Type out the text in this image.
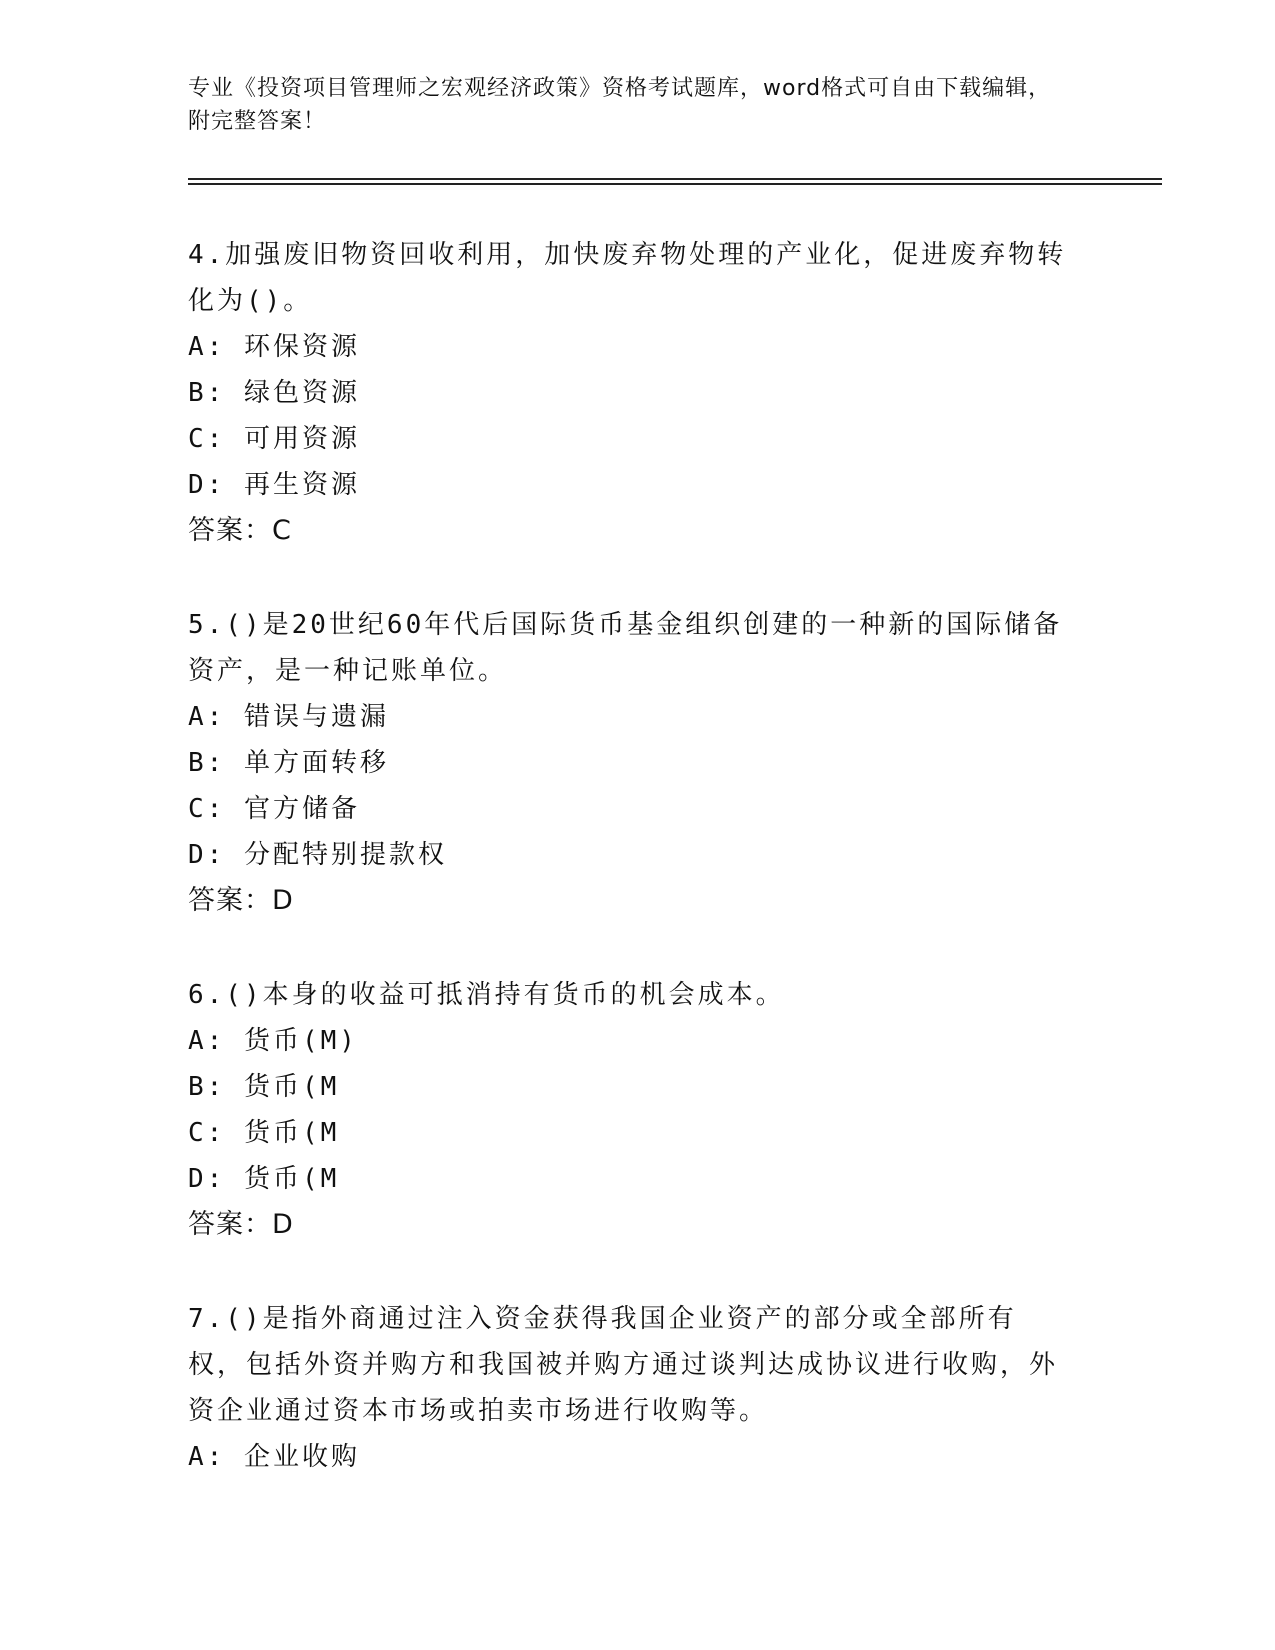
专业《投资项目管理师之宏观经济政策》资格考试题库，word格式可自由下载编辑，附完整答案！
4.加强废旧物资回收利用，加快废弃物处理的产业化，促进废弃物转化为()。
A: 环保资源
B: 绿色资源
C: 可用资源
D: 再生资源
答案：C
5.()是20世纪60年代后国际货币基金组织创建的一种新的国际储备资产，是一种记账单位。
A: 错误与遗漏
B: 单方面转移
C: 官方储备
D: 分配特别提款权
答案：D
6.()本身的收益可抵消持有货币的机会成本。
A: 货币(M)
B: 货币(M
C: 货币(M
D: 货币(M
答案：D
7.()是指外商通过注入资金获得我国企业资产的部分或全部所有权，包括外资并购方和我国被并购方通过谈判达成协议进行收购，外资企业通过资本市场或拍卖市场进行收购等。
A: 企业收购
